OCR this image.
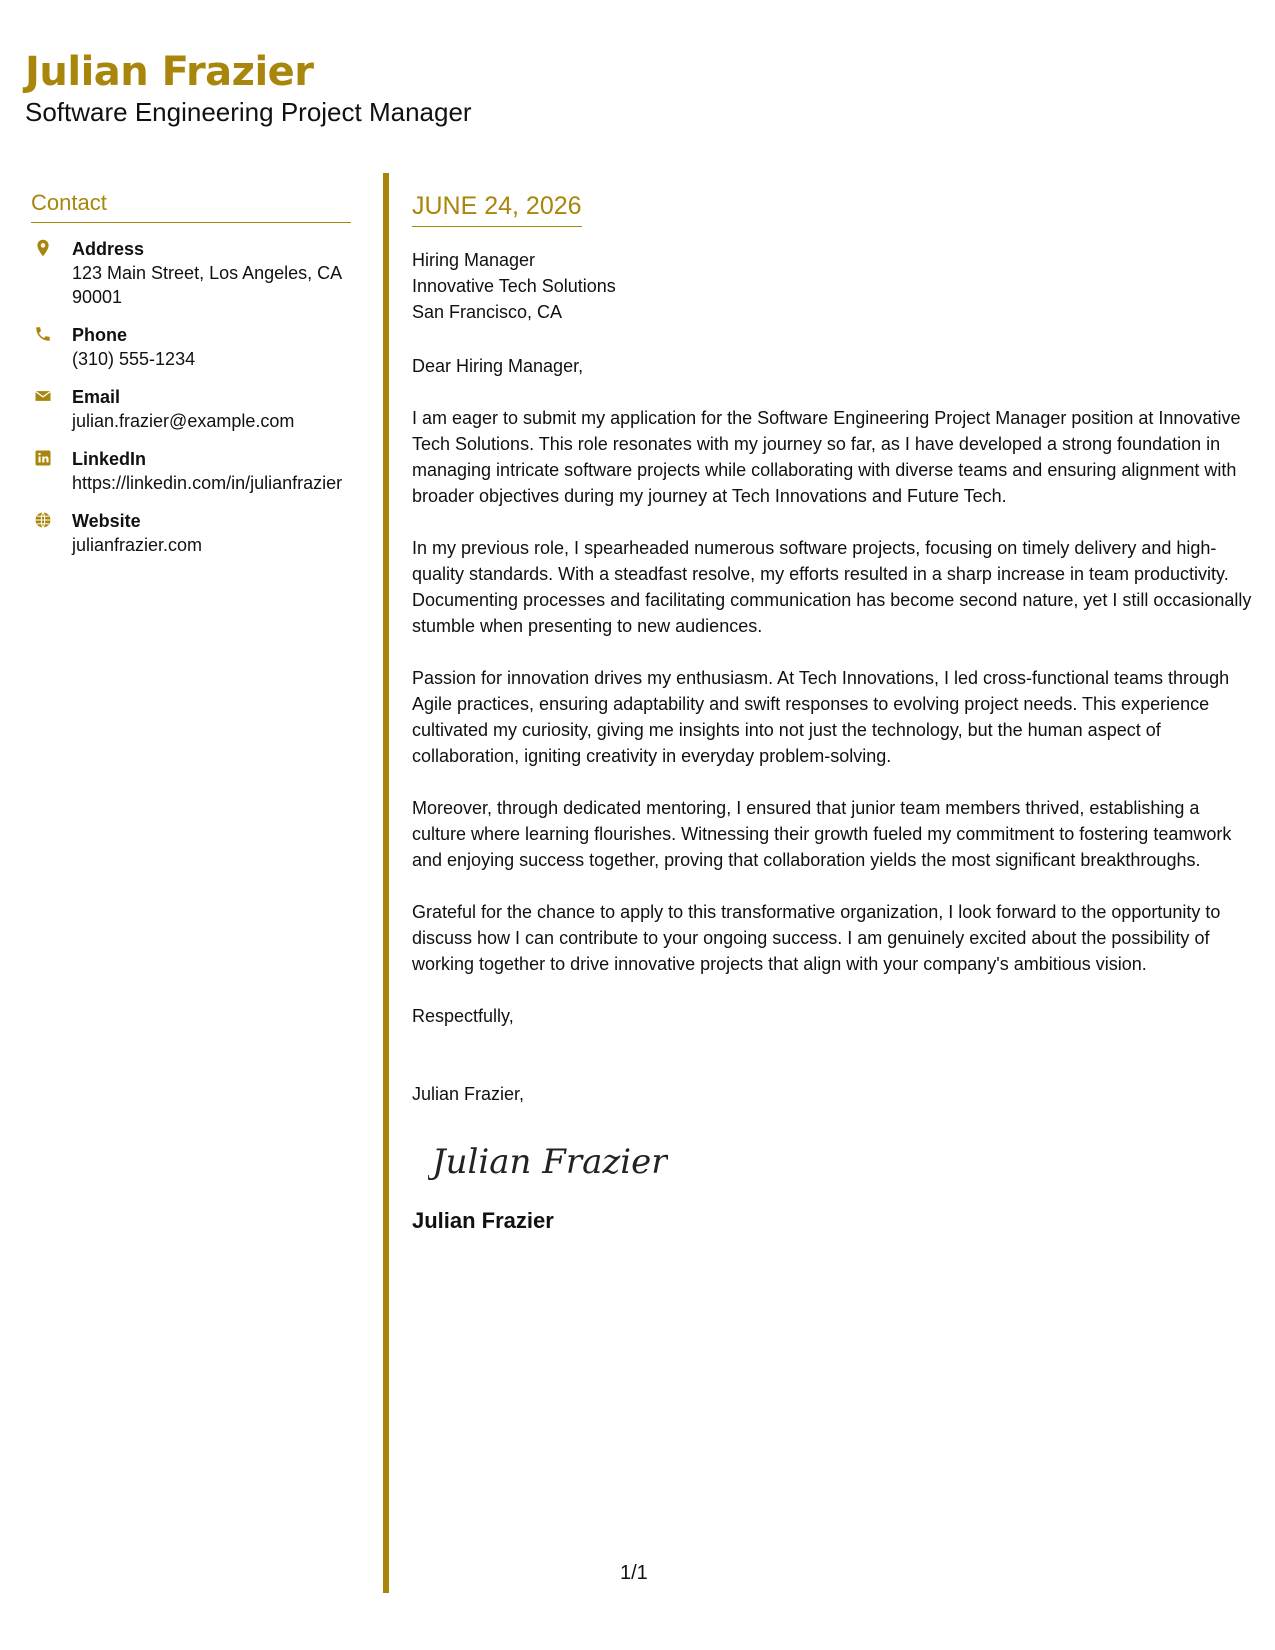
Julian Frazier

Software Engineering Project Manager

Contact
Address
123 Main Street, Los Angeles, CA 90001
Phone
(310) 555-1234
Email
julian.frazier@example.com
LinkedIn
https://linkedin.com/in/julianfrazier
Website
julianfrazier.com
JUNE 24, 2026
Hiring Manager
Innovative Tech Solutions
San Francisco, CA
Dear Hiring Manager,
I am eager to submit my application for the Software Engineering Project Manager position at Innovative Tech Solutions. This role resonates with my journey so far, as I have developed a strong foundation in managing intricate software projects while collaborating with diverse teams and ensuring alignment with broader objectives during my journey at Tech Innovations and Future Tech.
In my previous role, I spearheaded numerous software projects, focusing on timely delivery and high-quality standards. With a steadfast resolve, my efforts resulted in a sharp increase in team productivity. Documenting processes and facilitating communication has become second nature, yet I still occasionally stumble when presenting to new audiences.
Passion for innovation drives my enthusiasm. At Tech Innovations, I led cross-functional teams through Agile practices, ensuring adaptability and swift responses to evolving project needs. This experience cultivated my curiosity, giving me insights into not just the technology, but the human aspect of collaboration, igniting creativity in everyday problem-solving.
Moreover, through dedicated mentoring, I ensured that junior team members thrived, establishing a culture where learning flourishes. Witnessing their growth fueled my commitment to fostering teamwork and enjoying success together, proving that collaboration yields the most significant breakthroughs.
Grateful for the chance to apply to this transformative organization, I look forward to the opportunity to discuss how I can contribute to your ongoing success. I am genuinely excited about the possibility of working together to drive innovative projects that align with your company's ambitious vision.
Respectfully,
Julian Frazier,
Julian Frazier
Julian Frazier
1/1
